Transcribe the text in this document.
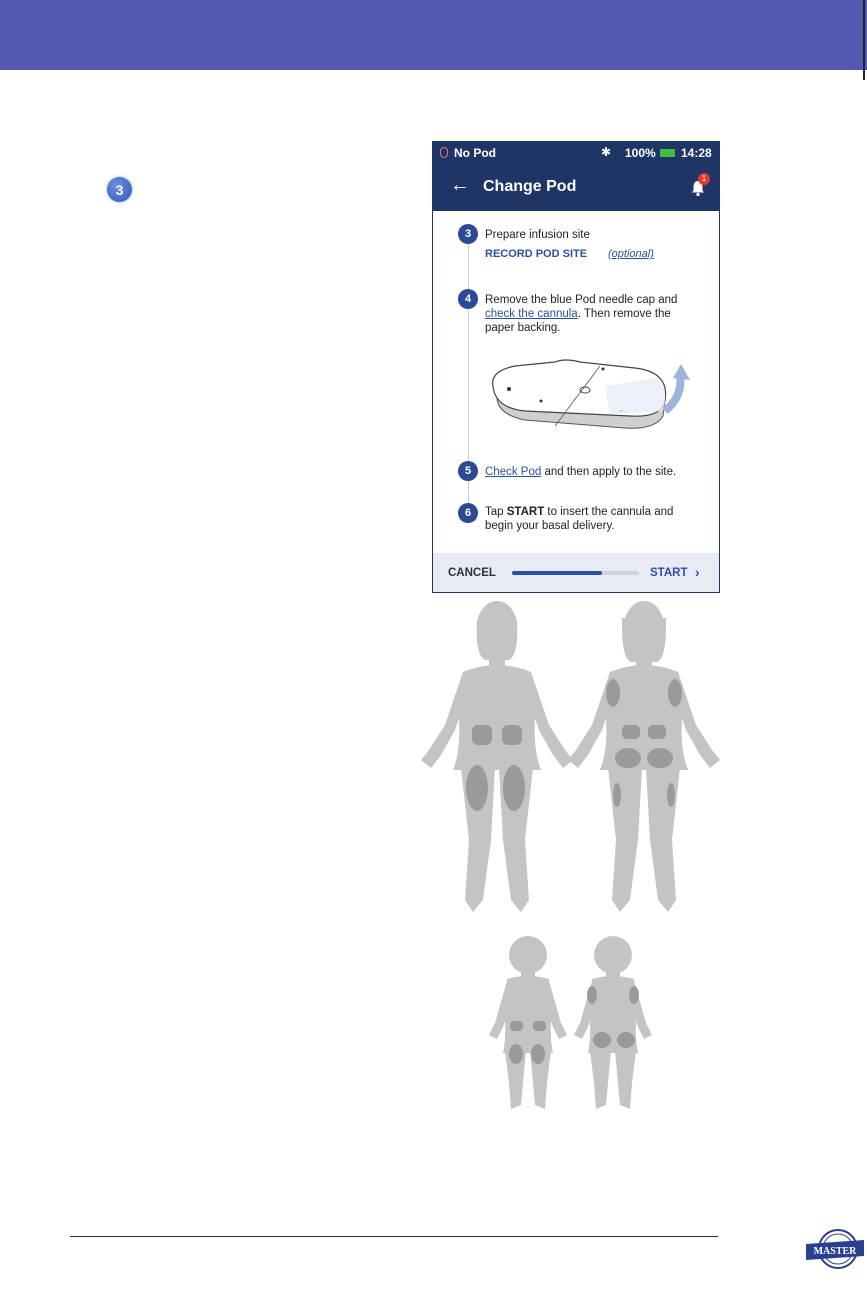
3
No Pod	✱ 100% 14:28
← Change Pod	1
3	Prepare infusion site
RECORD POD SITE (optional)
4	Remove the blue Pod needle cap and check the cannula. Then remove the paper backing.
5	Check Pod and then apply to the site.
6	Tap START to insert the cannula and begin your basal delivery.
CANCEL	START ›
MASTER
